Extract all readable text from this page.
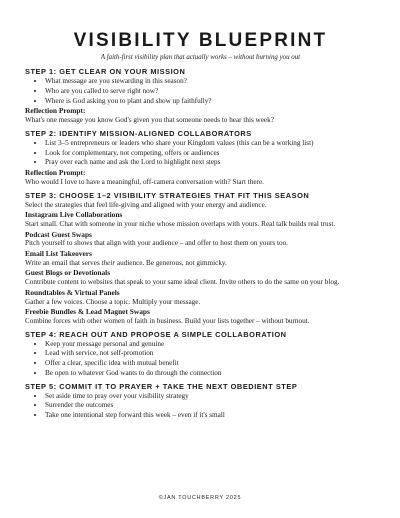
VISIBILITY BLUEPRINT
A faith-first visibility plan that actually works – without burning you out
STEP 1: GET CLEAR ON YOUR MISSION
• What message are you stewarding in this season?
• Who are you called to serve right now?
• Where is God asking you to plant and show up faithfully?
Reflection Prompt:
What's one message you know God's given you that someone needs to hear this week?
STEP 2: IDENTIFY MISSION-ALIGNED COLLABORATORS
• List 3–5 entrepreneurs or leaders who share your Kingdom values (this can be a working list)
• Look for complementary, not competing, offers or audiences
• Pray over each name and ask the Lord to highlight next steps
Reflection Prompt:
Who would I love to have a meaningful, off-camera conversation with? Start there.
STEP 3: CHOOSE 1–2 VISIBILITY STRATEGIES THAT FIT THIS SEASON
Select the strategies that feel life-giving and aligned with your energy and audience.
Instagram Live Collaborations
Start small. Chat with someone in your niche whose mission overlaps with yours. Real talk builds real trust.
Podcast Guest Swaps
Pitch yourself to shows that align with your audience – and offer to host them on yours too.
Email List Takeovers
Write an email that serves their audience. Be generous, not gimmicky.
Guest Blogs or Devotionals
Contribute content to websites that speak to your same ideal client. Invite others to do the same on your blog.
Roundtables & Virtual Panels
Gather a few voices. Choose a topic. Multiply your message.
Freebie Bundles & Lead Magnet Swaps
Combine forces with other women of faith in business. Build your lists together – without burnout.
STEP 4: REACH OUT AND PROPOSE A SIMPLE COLLABORATION
• Keep your message personal and genuine
• Lead with service, not self-promotion
• Offer a clear, specific idea with mutual benefit
• Be open to whatever God wants to do through the connection
STEP 5: COMMIT IT TO PRAYER + TAKE THE NEXT OBEDIENT STEP
• Set aside time to pray over your visibility strategy
• Surrender the outcomes
• Take one intentional step forward this week – even if it's small
©JAN TOUCHBERRY 2025
